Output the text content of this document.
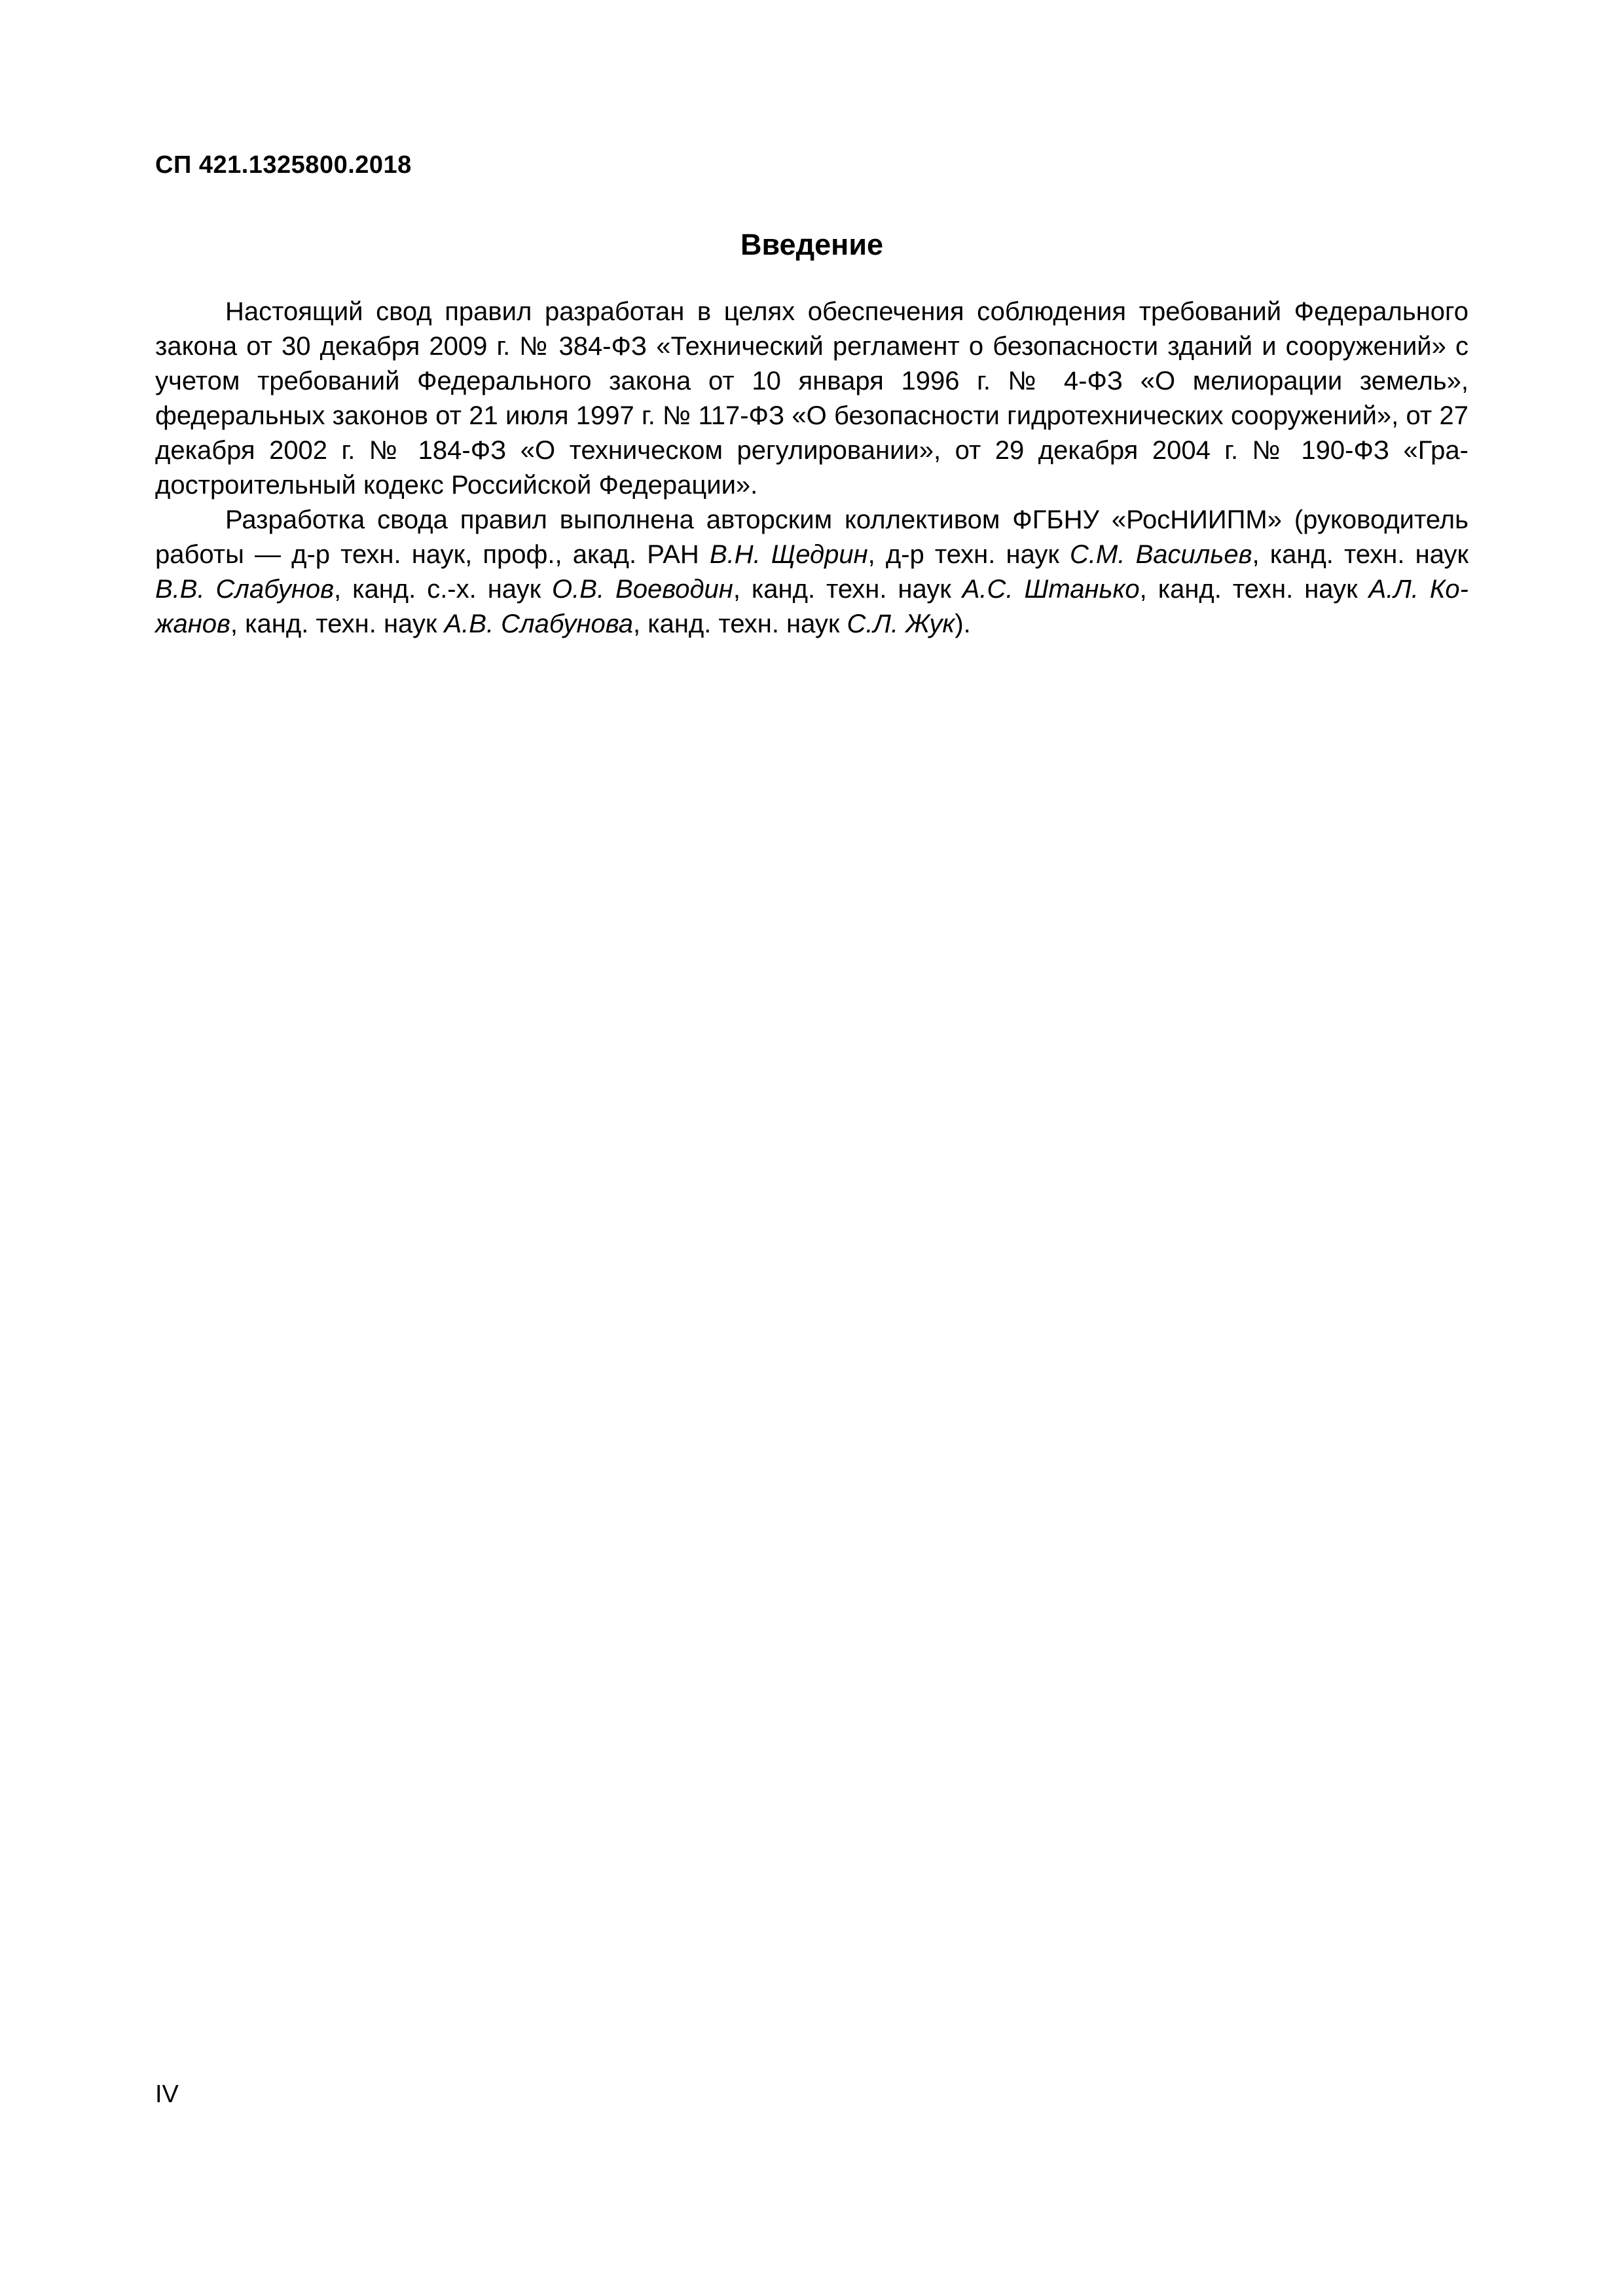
СП 421.1325800.2018
Введение

Настоящий свод правил разработан в целях обеспечения соблюдения требований Федерального закона от 30 декабря 2009 г. № 384-ФЗ «Технический регламент о безопасности зданий и сооружений» с учетом требований Федерального закона от 10 января 1996 г. № 4-ФЗ «О мелиорации земель», федеральных законов от 21 июля 1997 г. № 117-ФЗ «О безопасности гидротехнических сооружений», от 27 декабря 2002 г. № 184-ФЗ «О техническом регулировании», от 29 декабря 2004 г. № 190-ФЗ «Градостроительный кодекс Российской Федерации».

Разработка свода правил выполнена авторским коллективом ФГБНУ «РосНИИПМ» (руководитель работы — д-р техн. наук, проф., акад. РАН В.Н. Щедрин, д-р техн. наук С.М. Васильев, канд. техн. наук В.В. Слабунов, канд. с.-х. наук О.В. Воеводин, канд. техн. наук А.С. Штанько, канд. техн. наук А.Л. Кожанов, канд. техн. наук А.В. Слабунова, канд. техн. наук С.Л. Жук).

IV
